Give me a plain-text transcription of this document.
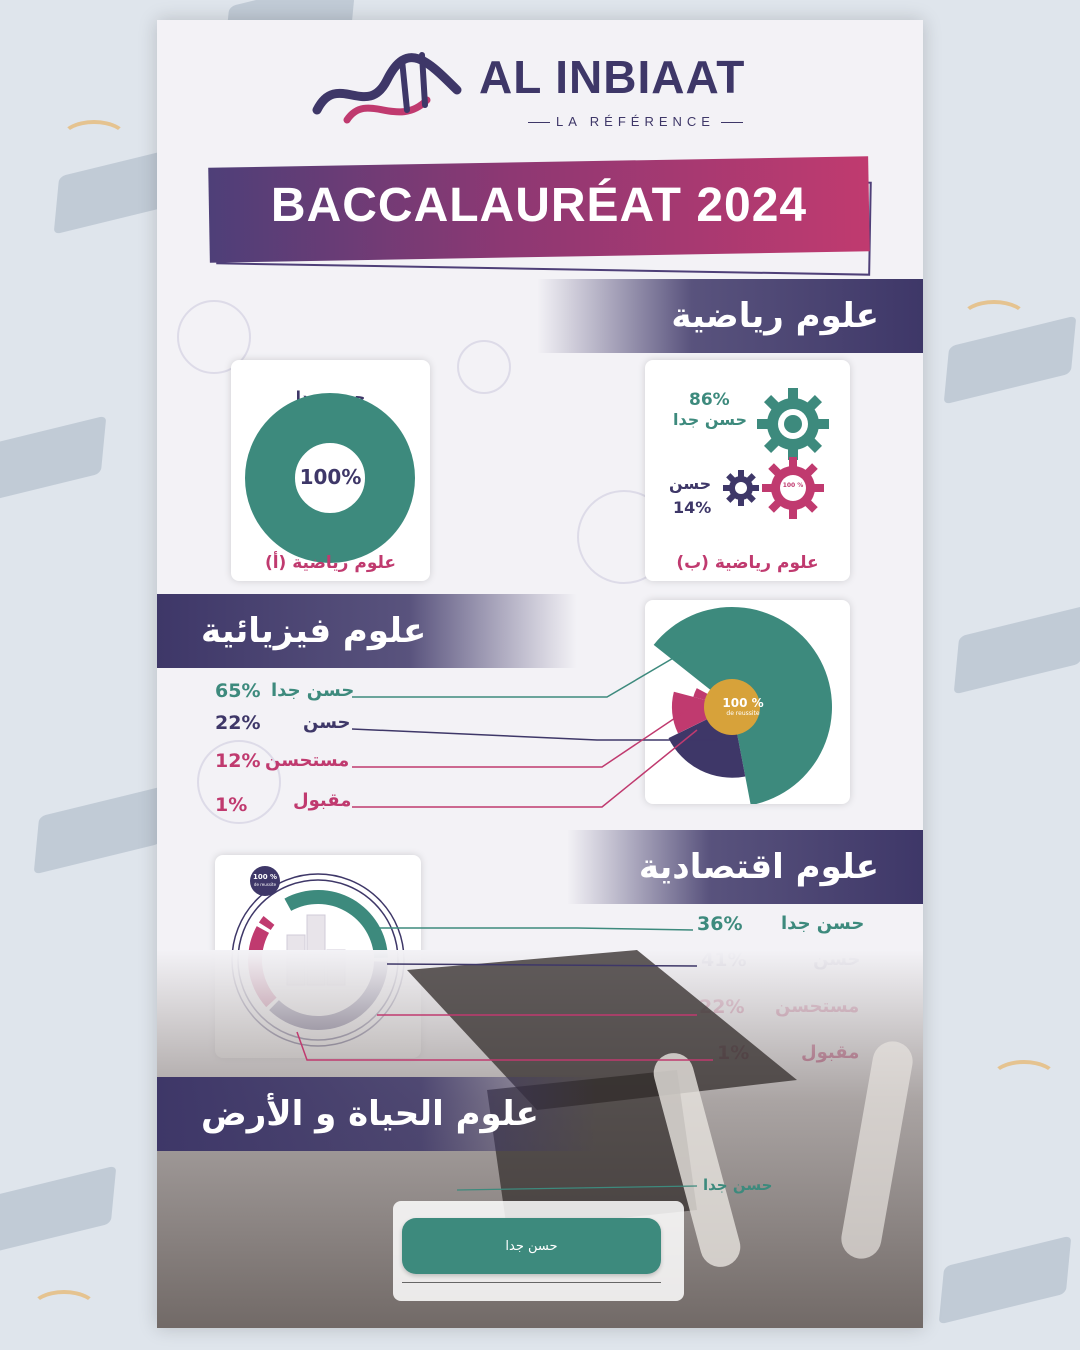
AL INBIAAT
LA RÉFÉRENCE
BACCALAURÉAT 2024
علوم رياضية
حسن جدا
100%
علوم رياضية (أ)
100 %
86%
حسن جدا
حسن
14%
علوم رياضية (ب)
علوم فيزيائية
100 %
de reussite
65% حسن جدا
22% حسن
12% مستحسن
1%	مقبول
علوم اقتصادية
100 %
de reussite
حسن جدا
36%
علوم الحياة و الأرض
حسن جدا
حسن جدا
